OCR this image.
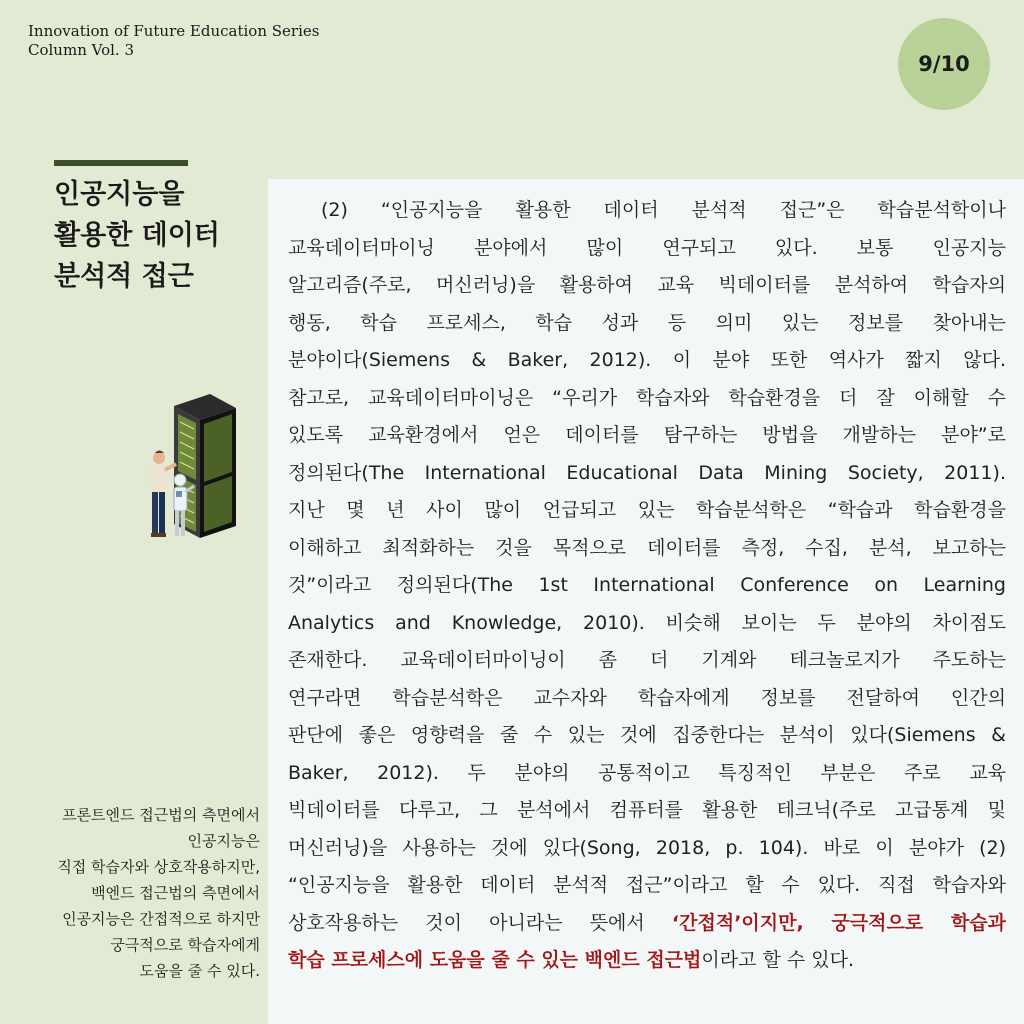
Innovation of Future Education Series
Column Vol. 3
9/10
인공지능을
활용한 데이터
분석적 접근
프론트엔드 접근법의 측면에서
인공지능은
직접 학습자와 상호작용하지만,
백엔드 접근법의 측면에서
인공지능은 간접적으로 하지만
궁극적으로 학습자에게
도움을 줄 수 있다.
(2) “인공지능을 활용한 데이터 분석적 접근”은 학습분석학이나
교육데이터마이닝 분야에서 많이 연구되고 있다. 보통 인공지능
알고리즘(주로, 머신러닝)을 활용하여 교육 빅데이터를 분석하여 학습자의
행동, 학습 프로세스, 학습 성과 등 의미 있는 정보를 찾아내는
분야이다(Siemens & Baker, 2012). 이 분야 또한 역사가 짧지 않다.
참고로, 교육데이터마이닝은 “우리가 학습자와 학습환경을 더 잘 이해할 수
있도록 교육환경에서 얻은 데이터를 탐구하는 방법을 개발하는 분야”로
정의된다(The International Educational Data Mining Society, 2011).
지난 몇 년 사이 많이 언급되고 있는 학습분석학은 “학습과 학습환경을
이해하고 최적화하는 것을 목적으로 데이터를 측정, 수집, 분석, 보고하는
것”이라고 정의된다(The 1st International Conference on Learning
Analytics and Knowledge, 2010). 비슷해 보이는 두 분야의 차이점도
존재한다. 교육데이터마이닝이 좀 더 기계와 테크놀로지가 주도하는
연구라면 학습분석학은 교수자와 학습자에게 정보를 전달하여 인간의
판단에 좋은 영향력을 줄 수 있는 것에 집중한다는 분석이 있다(Siemens &
Baker, 2012). 두 분야의 공통적이고 특징적인 부분은 주로 교육
빅데이터를 다루고, 그 분석에서 컴퓨터를 활용한 테크닉(주로 고급통계 및
머신러닝)을 사용하는 것에 있다(Song, 2018, p. 104). 바로 이 분야가 (2)
“인공지능을 활용한 데이터 분석적 접근”이라고 할 수 있다. 직접 학습자와
상호작용하는 것이 아니라는 뜻에서 ‘간접적’이지만, 궁극적으로 학습과
학습 프로세스에 도움을 줄 수 있는 백엔드 접근법이라고 할 수 있다.
